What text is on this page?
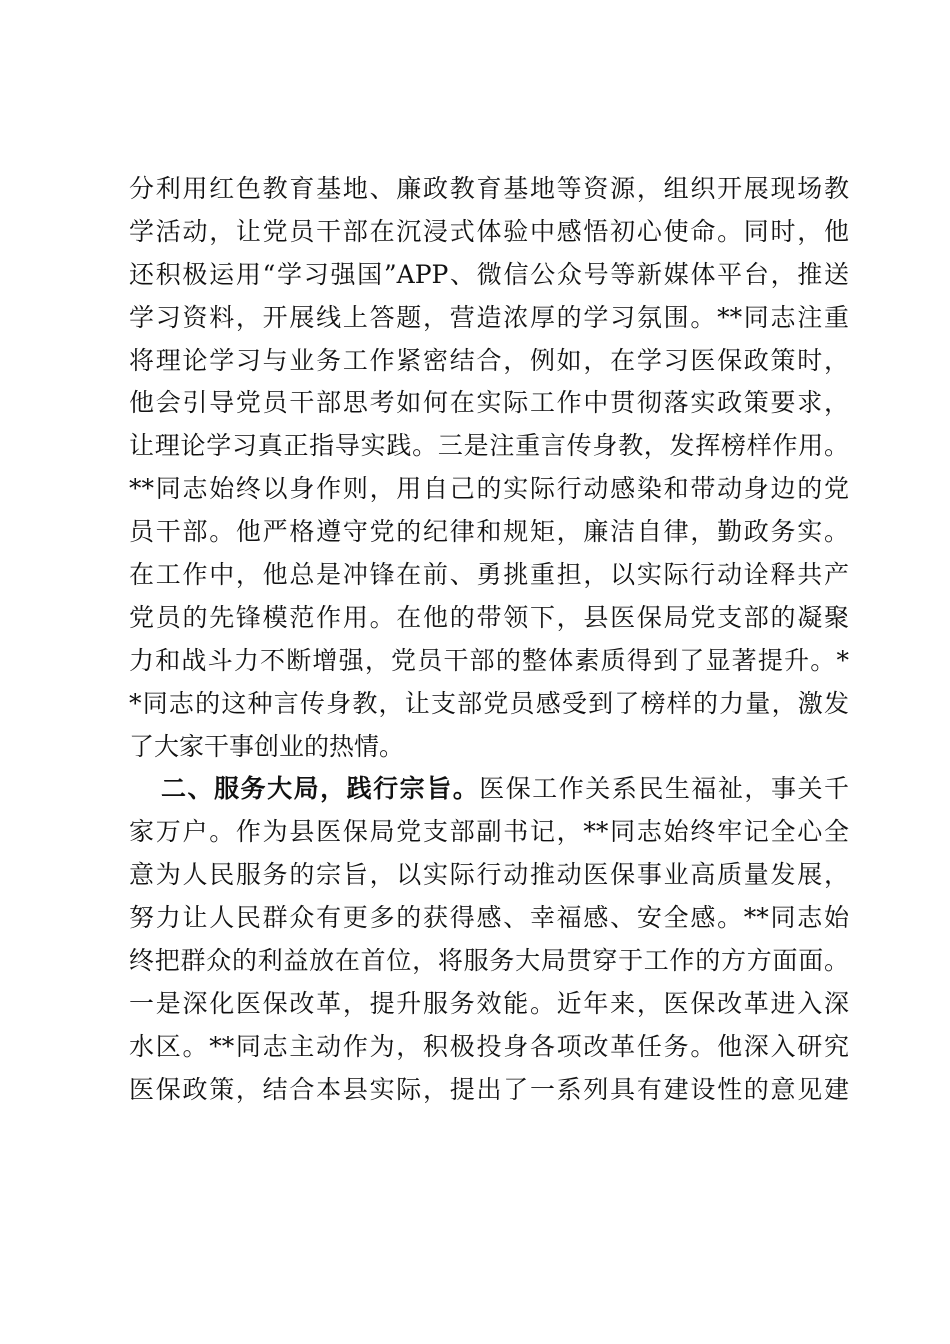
分利用红色教育基地、廉政教育基地等资源，组织开展现场教
学活动，让党员干部在沉浸式体验中感悟初心使命。同时，他
还积极运用“学习强国”APP、微信公众号等新媒体平台，推送
学习资料，开展线上答题，营造浓厚的学习氛围。**同志注重
将理论学习与业务工作紧密结合，例如，在学习医保政策时，
他会引导党员干部思考如何在实际工作中贯彻落实政策要求，
让理论学习真正指导实践。三是注重言传身教，发挥榜样作用。
**同志始终以身作则，用自己的实际行动感染和带动身边的党
员干部。他严格遵守党的纪律和规矩，廉洁自律，勤政务实。
在工作中，他总是冲锋在前、勇挑重担，以实际行动诠释共产
党员的先锋模范作用。在他的带领下，县医保局党支部的凝聚
力和战斗力不断增强，党员干部的整体素质得到了显著提升。*
*同志的这种言传身教，让支部党员感受到了榜样的力量，激发
了大家干事创业的热情。
二、服务大局，践行宗旨。医保工作关系民生福祉，事关千
家万户。作为县医保局党支部副书记，**同志始终牢记全心全
意为人民服务的宗旨，以实际行动推动医保事业高质量发展，
努力让人民群众有更多的获得感、幸福感、安全感。**同志始
终把群众的利益放在首位，将服务大局贯穿于工作的方方面面。
一是深化医保改革，提升服务效能。近年来，医保改革进入深
水区。**同志主动作为，积极投身各项改革任务。他深入研究
医保政策，结合本县实际，提出了一系列具有建设性的意见建
